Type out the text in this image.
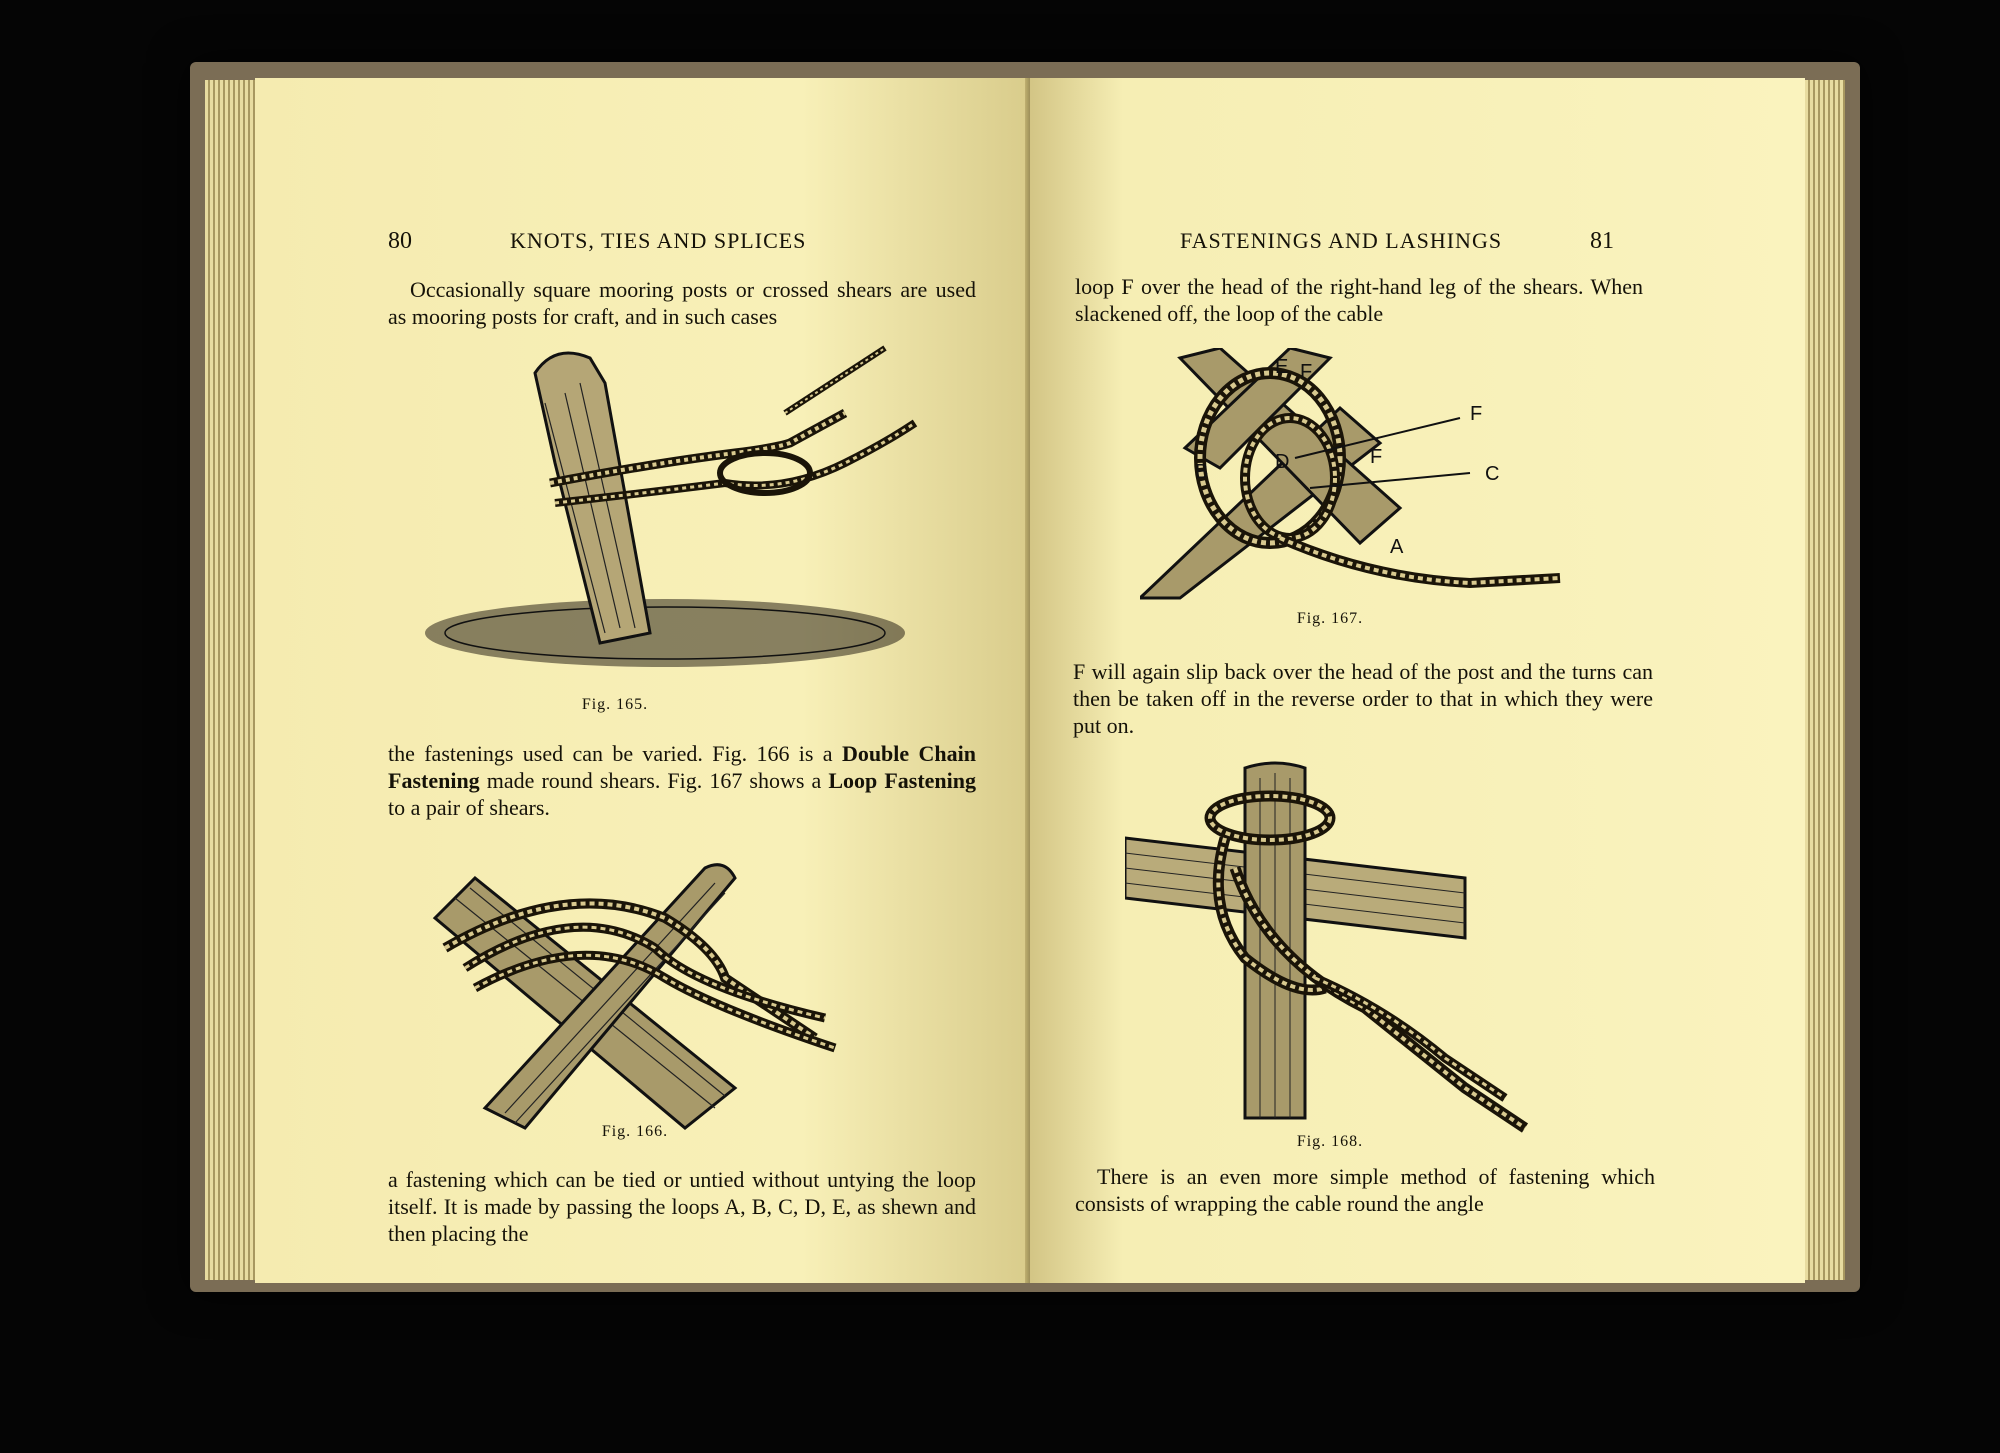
80	KNOTS, TIES AND SPLICES

Occasionally square mooring posts or crossed shears are used as mooring posts for craft, and in such cases

Fig. 165.
the fastenings used can be varied. Fig. 166 is a Double Chain Fastening made round shears. Fig. 167 shows a Loop Fastening to a pair of shears.
Fig. 166.

a fastening which can be tied or untied without untying the loop itself. It is made by passing the loops A, B, C, D, E, as shewn and then placing the

FASTENINGS AND LASHINGS	81

loop F over the head of the right-hand leg of the shears. When slackened off, the loop of the cable

E F
F
D	F
B	C
A
Fig. 167.

F will again slip back over the head of the post and the turns can then be taken off in the reverse order to that in which they were put on.

Fig. 168.

There is an even more simple method of fastening which consists of wrapping the cable round the angle
